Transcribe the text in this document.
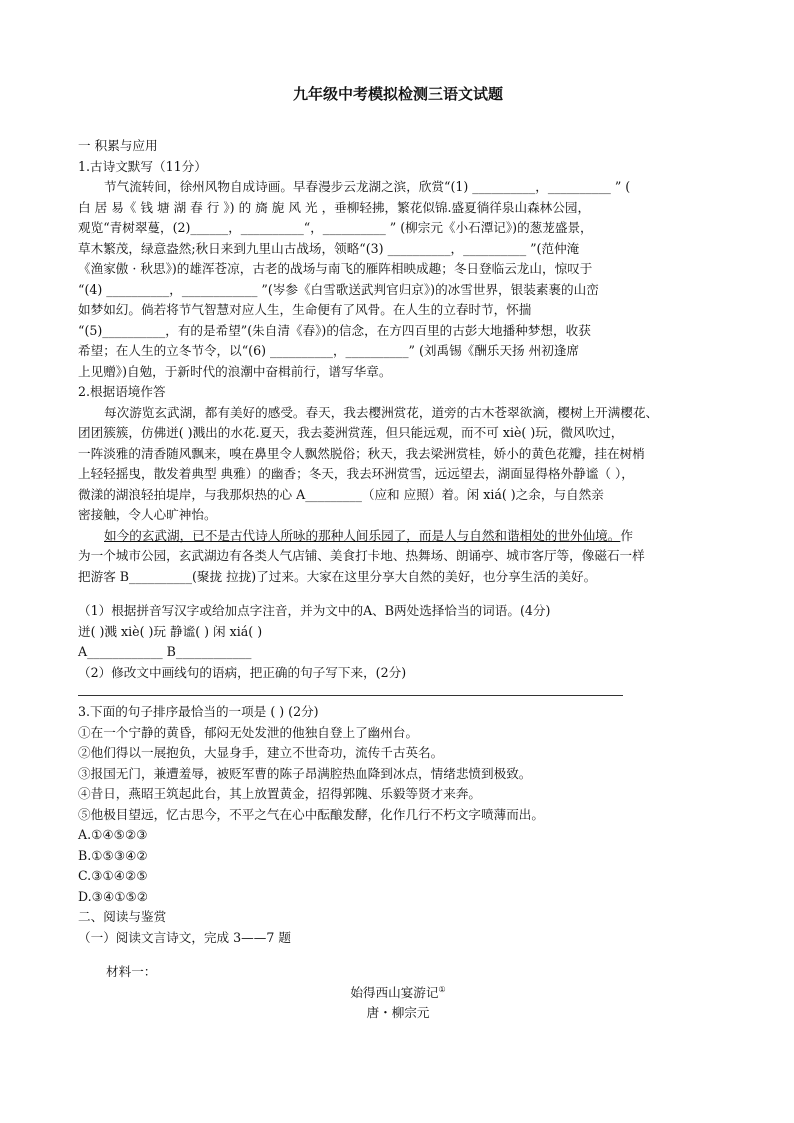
九年级中考模拟检测三语文试题

一 积累与应用

1.古诗文默写（11分）

节气流转间，徐州风物自成诗画。早春漫步云龙湖之滨，欣赏“(1) __________，__________ ” (

白 居 易《 钱 塘 湖 春 行 》) 的 旖 旎 风 光 ，垂柳轻拂，繁花似锦.盛夏徜徉泉山森林公园，

观览“青树翠蔓，(2)______，__________“，__________ ” (柳宗元《小石潭记》)的葱茏盛景，

草木繁茂，绿意盎然;秋日来到九里山古战场，领略“(3) __________，__________ ”(范仲淹

《渔家傲 · 秋思》)的雄浑苍凉，古老的战场与南飞的雁阵相映成趣；冬日登临云龙山，惊叹于

“(4) __________，____________ ”(岑参《白雪歌送武判官归京》)的冰雪世界，银装素裹的山峦

如梦如幻。倘若将节气智慧对应人生，生命便有了风骨。在人生的立春时节，怀揣

“(5)__________，有的是希望”(朱自清《春》)的信念，在方四百里的古彭大地播种梦想，收获

希望；在人生的立冬节令，以“(6) __________，__________” (刘禹锡《酬乐天扬 州初逢席

上见赠》)自勉，于新时代的浪潮中奋楫前行，谱写华章。

2.根据语境作答

每次游览玄武湖，都有美好的感受。春天，我去樱洲赏花，道旁的古木苍翠欲滴，樱树上开满樱花、

团团簇簇，仿佛迸( )溅出的水花.夏天，我去菱洲赏莲，但只能远观，而不可 xiè( )玩，微风吹过，

一阵淡雅的清香随风飘来，嗅在鼻里令人飘然脱俗；秋天，我去梁洲赏桂，娇小的黄色花瓣，挂在树梢

上轻轻摇曳，散发着典型 典雅）的幽香；冬天，我去环洲赏雪，远远望去，湖面显得格外静谧（ ），

微漾的湖浪轻拍堤岸，与我那炽热的心 A_________（应和 应照）着。闲 xiá( )之余，与自然亲

密接触，令人心旷神怡。

如今的玄武湖，已不是古代诗人所咏的那种人间乐园了，而是人与自然和谐相处的世外仙境。作

为一个城市公园，玄武湖边有各类人气店铺、美食打卡地、热舞场、朗诵亭、城市客厅等，像磁石一样

把游客 B__________(聚拢 拉拢)了过来。大家在这里分享大自然的美好，也分享生活的美好。

（1）根据拼音写汉字或给加点字注音，并为文中的A、B两处选择恰当的词语。(4分)

迸( )溅 xiè( )玩 静谧( ) 闲 xiá( )

A____________ B____________

（2）修改文中画线句的语病，把正确的句子写下来，(2分)

3.下面的句子排序最恰当的一项是 ( ) (2分)

①在一个宁静的黄昏，郁闷无处发泄的他独自登上了幽州台。

②他们得以一展抱负，大显身手，建立不世奇功，流传千古英名。

③报国无门，兼遭羞辱，被贬军曹的陈子昂满腔热血降到冰点，情绪悲愤到极致。

④昔日，燕昭王筑起此台，其上放置黄金，招得郭隗、乐毅等贤才来奔。

⑤他极目望远，忆古思今，不平之气在心中酝酿发酵，化作几行不朽文字喷薄而出。

A.①④⑤②③

B.①⑤③④②

C.③①④②⑤

D.③④①⑤②

二、阅读与鉴赏

（一）阅读文言诗文，完成 3——7 题

材料一：

始得西山宴游记①

唐・柳宗元
